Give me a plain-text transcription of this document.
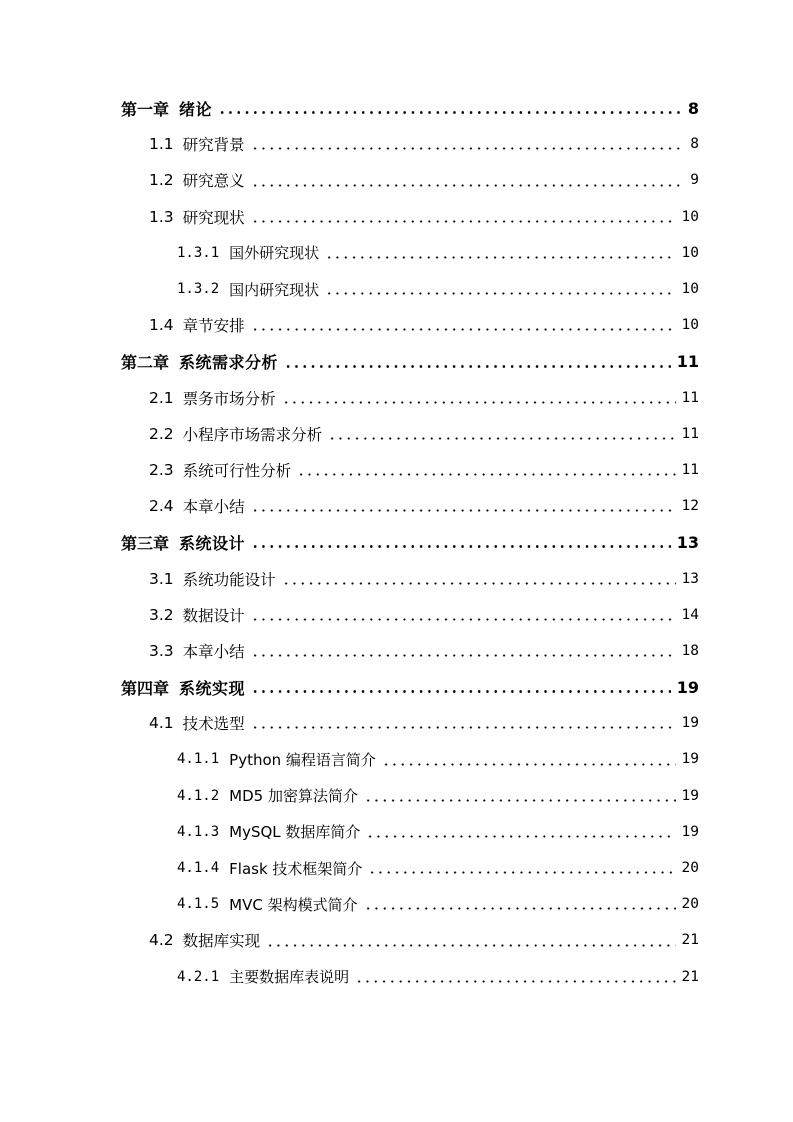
第一章 绪论	8
1.1 研究背景	8
1.2 研究意义	9
1.3 研究现状	10
1.3.1 国外研究现状	10
1.3.2 国内研究现状	10
1.4 章节安排	10
第二章 系统需求分析	11
2.1 票务市场分析	11
2.2 小程序市场需求分析	11
2.3 系统可行性分析	11
2.4 本章小结	12
第三章 系统设计	13
3.1 系统功能设计	13
3.2 数据设计	14
3.3 本章小结	18
第四章 系统实现	19
4.1 技术选型	19
4.1.1 Python 编程语言简介	19
4.1.2 MD5 加密算法简介	19
4.1.3 MySQL 数据库简介	19
4.1.4 Flask 技术框架简介	20
4.1.5 MVC 架构模式简介	20
4.2 数据库实现	21
4.2.1 主要数据库表说明	21
